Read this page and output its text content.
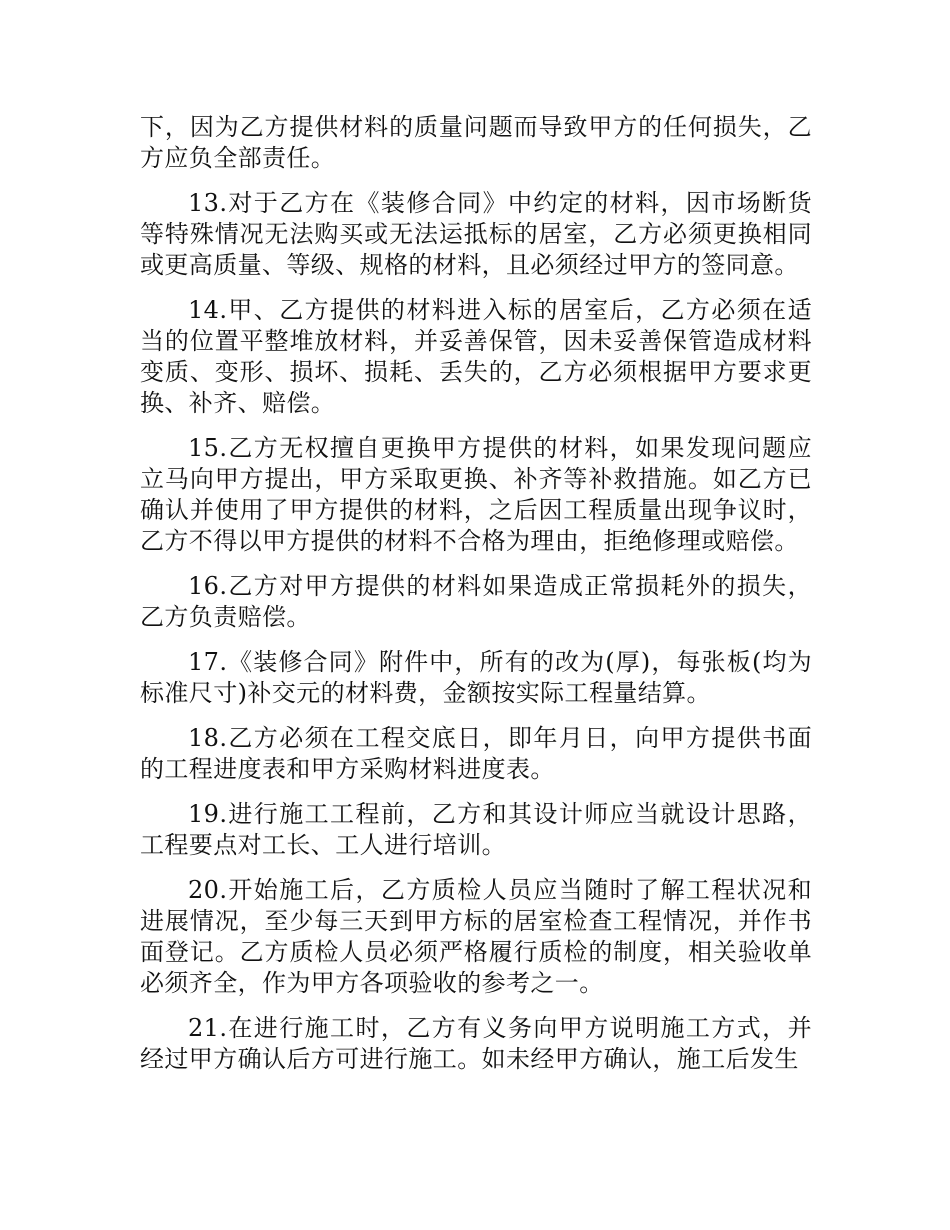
下，因为乙方提供材料的质量问题而导致甲方的任何损失，乙方应负全部责任。

13.对于乙方在《装修合同》中约定的材料，因市场断货等特殊情况无法购买或无法运抵标的居室，乙方必须更换相同或更高质量、等级、规格的材料，且必须经过甲方的签同意。

14.甲、乙方提供的材料进入标的居室后，乙方必须在适当的位置平整堆放材料，并妥善保管，因未妥善保管造成材料变质、变形、损坏、损耗、丢失的，乙方必须根据甲方要求更换、补齐、赔偿。

15.乙方无权擅自更换甲方提供的材料，如果发现问题应立马向甲方提出，甲方采取更换、补齐等补救措施。如乙方已确认并使用了甲方提供的材料，之后因工程质量出现争议时，乙方不得以甲方提供的材料不合格为理由，拒绝修理或赔偿。

16.乙方对甲方提供的材料如果造成正常损耗外的损失，乙方负责赔偿。

17.《装修合同》附件中，所有的改为(厚)，每张板(均为标准尺寸)补交元的材料费，金额按实际工程量结算。

18.乙方必须在工程交底日，即年月日，向甲方提供书面的工程进度表和甲方采购材料进度表。

19.进行施工工程前，乙方和其设计师应当就设计思路，工程要点对工长、工人进行培训。

20.开始施工后，乙方质检人员应当随时了解工程状况和进展情况，至少每三天到甲方标的居室检查工程情况，并作书面登记。乙方质检人员必须严格履行质检的制度，相关验收单必须齐全，作为甲方各项验收的参考之一。

21.在进行施工时，乙方有义务向甲方说明施工方式，并经过甲方确认后方可进行施工。如未经甲方确认，施工后发生
